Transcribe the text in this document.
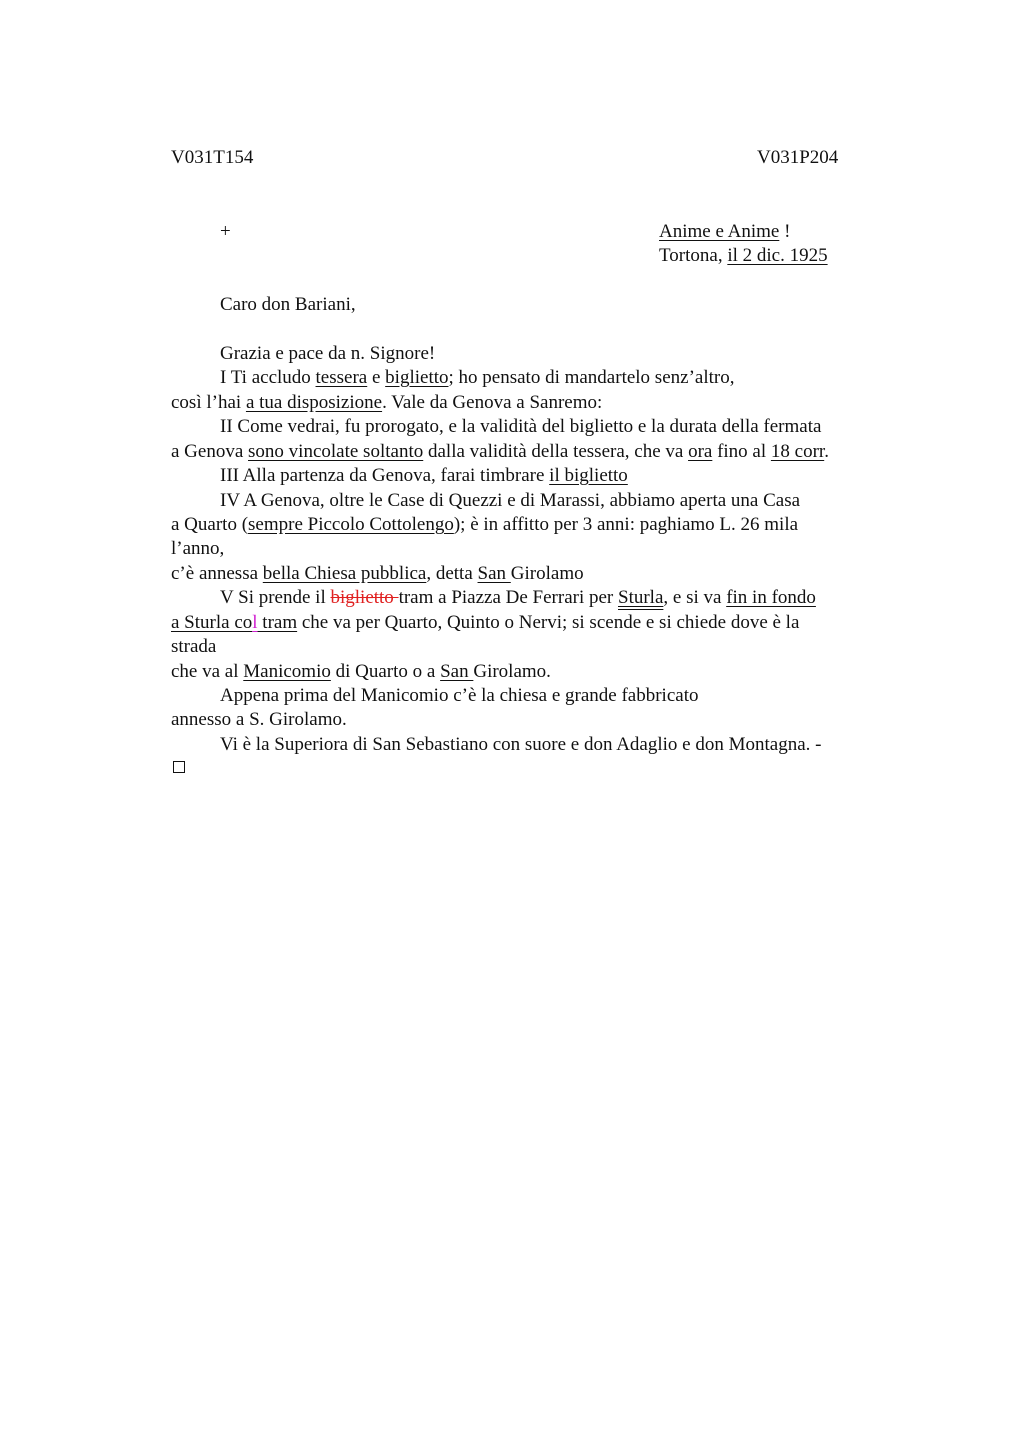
V031T154	V031P204
+	Anime e Anime !
Tortona, il 2 dic. 1925
Caro don Bariani,
Grazia e pace da n. Signore!
I Ti accludo tessera e biglietto; ho pensato di mandartelo senz’altro,
così l’hai a tua disposizione. Vale da Genova a Sanremo:
II Come vedrai, fu prorogato, e la validità del biglietto e la durata della fermata
a Genova sono vincolate soltanto dalla validità della tessera, che va ora fino al 18 corr.
III Alla partenza da Genova, farai timbrare il biglietto
IV A Genova, oltre le Case di Quezzi e di Marassi, abbiamo aperta una Casa
a Quarto (sempre Piccolo Cottolengo); è in affitto per 3 anni: paghiamo L. 26 mila
l’anno,
c’è annessa bella Chiesa pubblica, detta San Girolamo
V Si prende il biglietto tram a Piazza De Ferrari per Sturla, e si va fin in fondo
a Sturla col tram che va per Quarto, Quinto o Nervi; si scende e si chiede dove è la
strada
che va al Manicomio di Quarto o a San Girolamo.
Appena prima del Manicomio c’è la chiesa e grande fabbricato
annesso a S. Girolamo.
Vi è la Superiora di San Sebastiano con suore e don Adaglio e don Montagna. -
